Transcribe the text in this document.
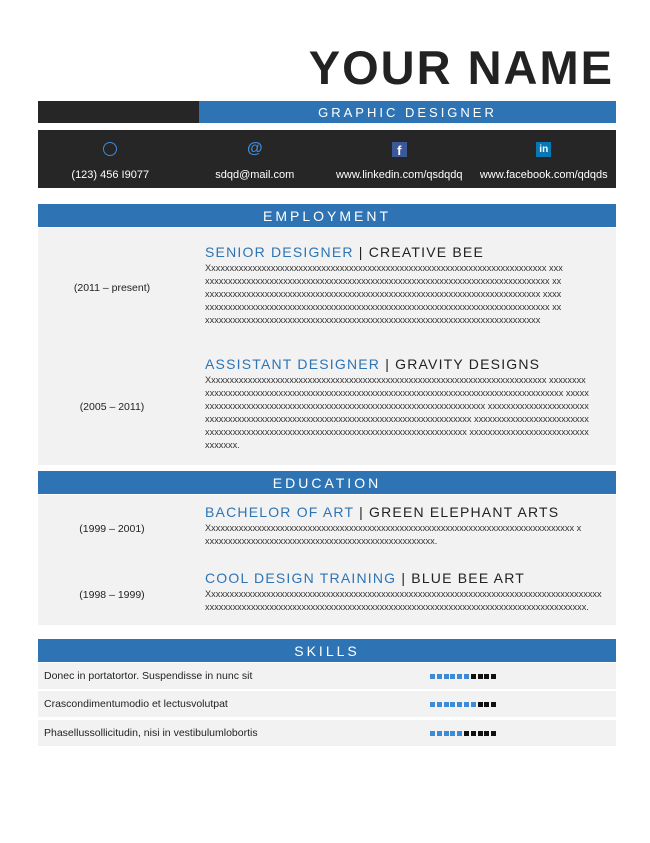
YOUR NAME
GRAPHIC DESIGNER
(123) 456 I9077
@
sdqd@mail.com
f
www.linkedin.com/qsdqdq
in
www.facebook.com/qdqds
EMPLOYMENT
(2011 – present)
SENIOR DESIGNER | CREATIVE BEE
Xxxxxxxxxxxxxxxxxxxxxxxxxxxxxxxxxxxxxxxxxxxxxxxxxxxxxxxxxxxxxxxxxxxxxxxxxx xxxxxxxxxxxxxxxxxxxxxxxxxxxxxxxxxxxxxxxxxxxxxxxxxxxxxxxxxxxxxxxxxxxxxxxxxxxxxx xxxxxxxxxxxxxxxxxxxxxxxxxxxxxxxxxxxxxxxxxxxxxxxxxxxxxxxxxxxxxxxxxxxxxxxxxxx xxxxxxxxxxxxxxxxxxxxxxxxxxxxxxxxxxxxxxxxxxxxxxxxxxxxxxxxxxxxxxxxxxxxxxxxxxxxxxx xxxxxxxxxxxxxxxxxxxxxxxxxxxxxxxxxxxxxxxxxxxxxxxxxxxxxxxxxxxxxxxxxxxxxxxxxxx
(2005 – 2011)
ASSISTANT DESIGNER | GRAVITY DESIGNS
Xxxxxxxxxxxxxxxxxxxxxxxxxxxxxxxxxxxxxxxxxxxxxxxxxxxxxxxxxxxxxxxxxxxxxxxxxx xxxxxxxxxxxxxxxxxxxxxxxxxxxxxxxxxxxxxxxxxxxxxxxxxxxxxxxxxxxxxxxxxxxxxxxxxxxxxxxxxxxxxx xxxxxxxxxxxxxxxxxxxxxxxxxxxxxxxxxxxxxxxxxxxxxxxxxxxxxxxxxxxxxxxxxx xxxxxxxxxxxxxxxxxxxxxxxxxxxxxxxxxxxxxxxxxxxxxxxxxxxxxxxxxxxxxxxxxxxxxxxxxxxxxxxx xxxxxxxxxxxxxxxxxxxxxxxxxxxxxxxxxxxxxxxxxxxxxxxxxxxxxxxxxxxxxxxxxxxxxxxxxxxxxxxxxx xxxxxxxxxxxxxxxxxxxxxxxxxxxxxxxxx.
EDUCATION
(1999 – 2001)
BACHELOR OF ART | GREEN ELEPHANT ARTS
Xxxxxxxxxxxxxxxxxxxxxxxxxxxxxxxxxxxxxxxxxxxxxxxxxxxxxxxxxxxxxxxxxxxxxxxxxxxxxxxx xxxxxxxxxxxxxxxxxxxxxxxxxxxxxxxxxxxxxxxxxxxxxxxxxxx.
(1998 – 1999)
COOL DESIGN TRAINING | BLUE BEE ART
Xxxxxxxxxxxxxxxxxxxxxxxxxxxxxxxxxxxxxxxxxxxxxxxxxxxxxxxxxxxxxxxxxxxxxxxxxxxxxxxxxxxxxx xxxxxxxxxxxxxxxxxxxxxxxxxxxxxxxxxxxxxxxxxxxxxxxxxxxxxxxxxxxxxxxxxxxxxxxxxxxxxxxxxxx.
SKILLS
Donec in portatortor. Suspendisse in nunc sit
Crascondimentumodio et lectusvolutpat
Phasellussollicitudin, nisi in vestibulumlobortis
